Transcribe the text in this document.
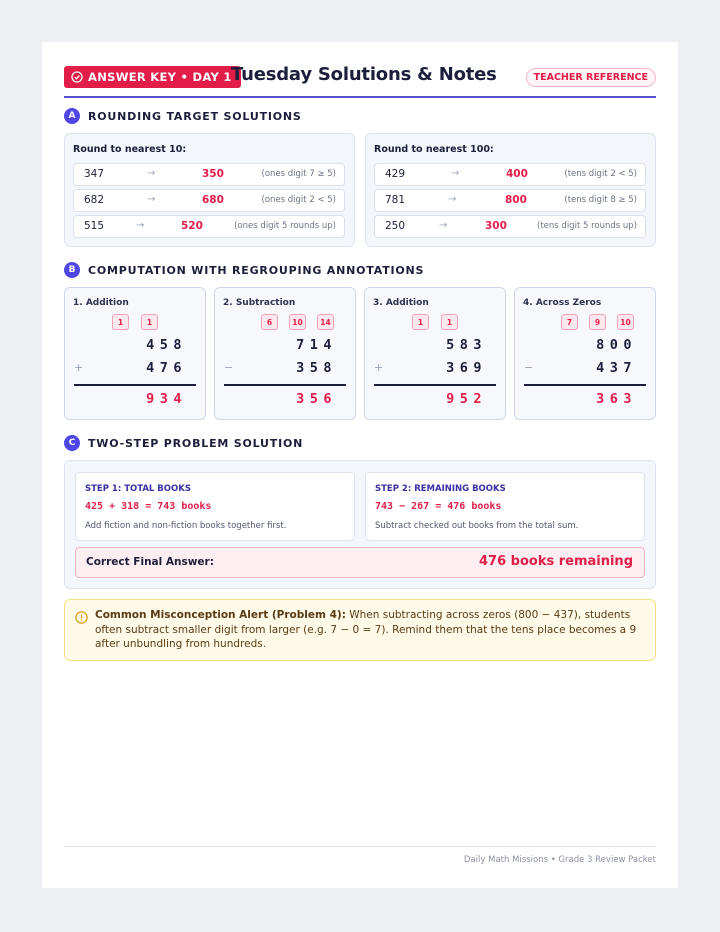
ANSWER KEY • DAY 1 Tuesday Solutions & Notes	TEACHER REFERENCE
A	ROUNDING TARGET SOLUTIONS
Round to nearest 10:
347	→	350	(ones digit 7 ≥ 5)
682	→	680	(ones digit 2 < 5)
515	→	520	(ones digit 5 rounds up)
Round to nearest 100:
429	→	400	(tens digit 2 < 5)
781	→	800	(tens digit 8 ≥ 5)
250	→	300	(tens digit 5 rounds up)
B	COMPUTATION WITH REGROUPING ANNOTATIONS
1. Addition
1	1
458
+	476
934
2. Subtraction
6	10	14
714
−	358
356
3. Addition
1	1
583
+	369
952
4. Across Zeros
7	9	10
800
−	437
363
C	TWO-STEP PROBLEM SOLUTION
STEP 1: TOTAL BOOKS
425 + 318 = 743 books
Add fiction and non-fiction books together first.
STEP 2: REMAINING BOOKS
743 − 267 = 476 books
Subtract checked out books from the total sum.
Correct Final Answer:	476 books remaining
Common Misconception Alert (Problem 4): When subtracting across zeros (800 − 437), students often subtract smaller digit from larger (e.g. 7 − 0 = 7). Remind them that the tens place becomes a 9 after unbundling from hundreds.
Daily Math Missions • Grade 3 Review Packet
